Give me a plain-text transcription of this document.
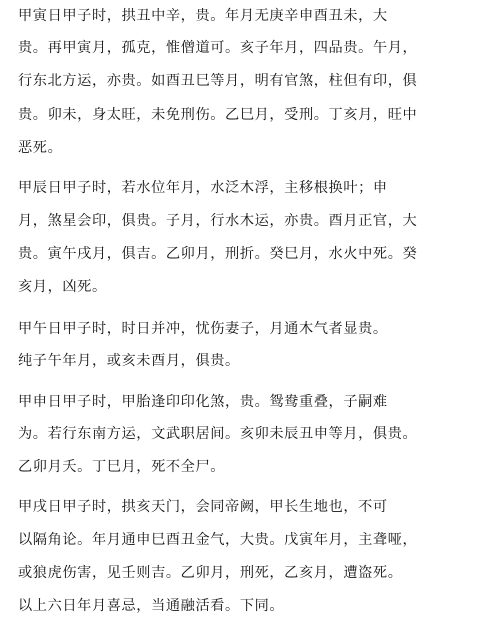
甲寅日甲子时，拱丑中辛，贵。年月无庚辛申酉丑未，大
贵。再甲寅月，孤克，惟僧道可。亥子年月，四品贵。午月，
行东北方运，亦贵。如酉丑巳等月，明有官煞，柱但有印，俱
贵。卯未，身太旺，未免刑伤。乙巳月，受刑。丁亥月，旺中
恶死。
甲辰日甲子时，若水位年月，水泛木浮，主移根换叶；申
月，煞星会印，俱贵。子月，行水木运，亦贵。酉月正官，大
贵。寅午戌月，俱吉。乙卯月，刑折。癸巳月，水火中死。癸
亥月，凶死。
甲午日甲子时，时日并冲，忧伤妻子，月通木气者显贵。
纯子午年月，或亥未酉月，俱贵。
甲申日甲子时，甲胎逢印印化煞，贵。鸳鸯重叠，子嗣难
为。若行东南方运，文武职居间。亥卯未辰丑申等月，俱贵。
乙卯月夭。丁巳月，死不全尸。
甲戌日甲子时，拱亥天门，会同帝阙，甲长生地也，不可
以隔角论。年月通申巳酉丑金气，大贵。戊寅年月，主聋哑，
或狼虎伤害，见壬则吉。乙卯月，刑死，乙亥月，遭盗死。
以上六日年月喜忌，当通融活看。下同。
